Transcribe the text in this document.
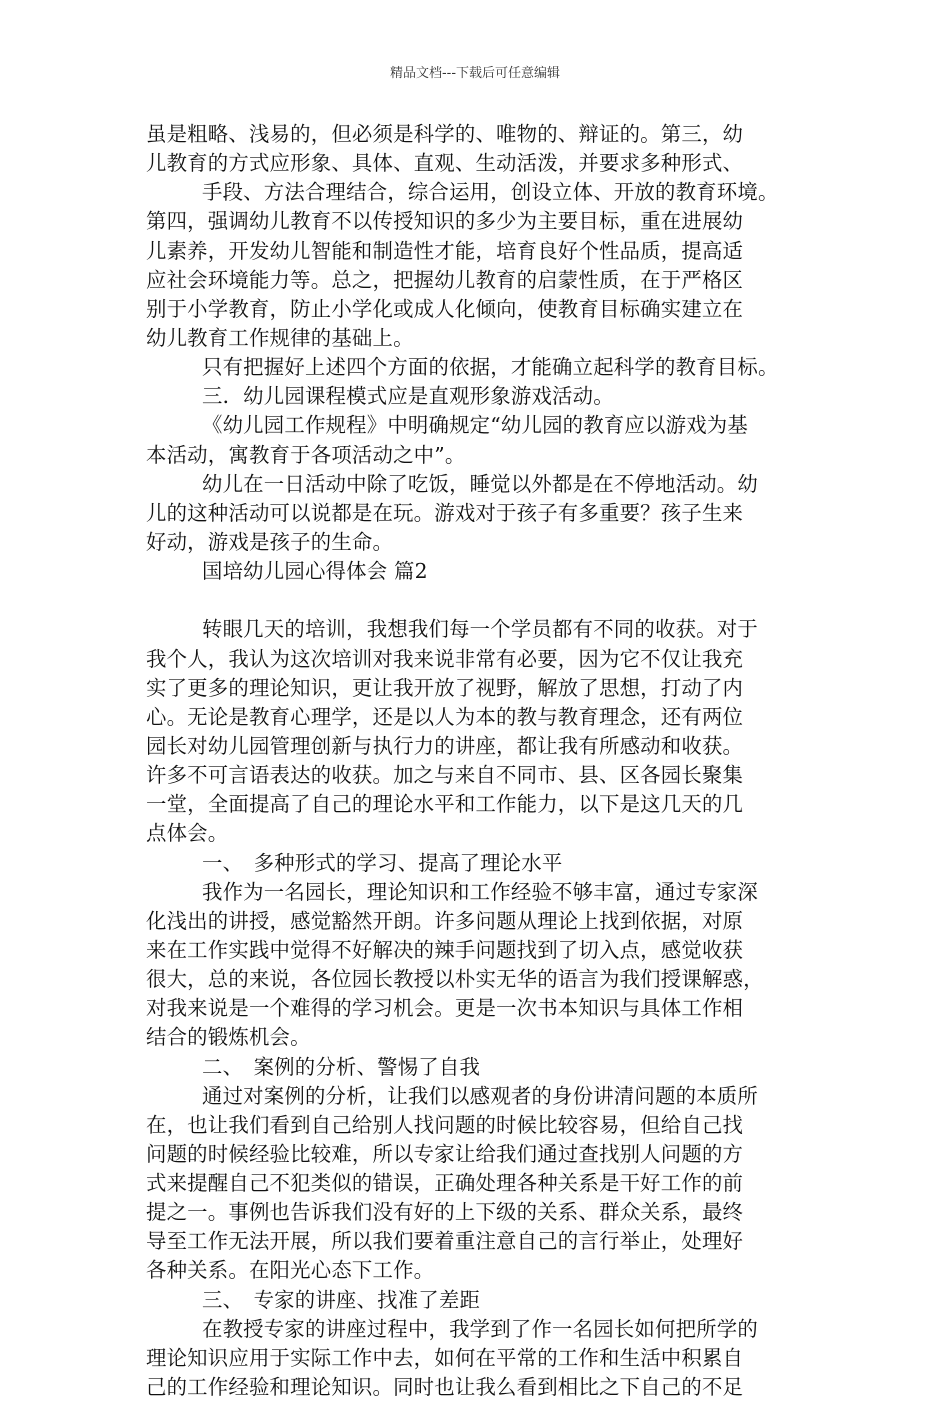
精品文档---下载后可任意编辑
虽是粗略、浅易的，但必须是科学的、唯物的、辩证的。第三，幼
儿教育的方式应形象、具体、直观、生动活泼，并要求多种形式、
手段、方法合理结合，综合运用，创设立体、开放的教育环境。
第四，强调幼儿教育不以传授知识的多少为主要目标，重在进展幼
儿素养，开发幼儿智能和制造性才能，培育良好个性品质，提高适
应社会环境能力等。总之，把握幼儿教育的启蒙性质，在于严格区
别于小学教育，防止小学化或成人化倾向，使教育目标确实建立在
幼儿教育工作规律的基础上。
只有把握好上述四个方面的依据，才能确立起科学的教育目标。
三．幼儿园课程模式应是直观形象游戏活动。
《幼儿园工作规程》中明确规定“幼儿园的教育应以游戏为基
本活动，寓教育于各项活动之中”。
幼儿在一日活动中除了吃饭，睡觉以外都是在不停地活动。幼
儿的这种活动可以说都是在玩。游戏对于孩子有多重要？孩子生来
好动，游戏是孩子的生命。
国培幼儿园心得体会 篇2
转眼几天的培训，我想我们每一个学员都有不同的收获。对于
我个人，我认为这次培训对我来说非常有必要，因为它不仅让我充
实了更多的理论知识，更让我开放了视野，解放了思想，打动了内
心。无论是教育心理学，还是以人为本的教与教育理念，还有两位
园长对幼儿园管理创新与执行力的讲座，都让我有所感动和收获。
许多不可言语表达的收获。加之与来自不同市、县、区各园长聚集
一堂，全面提高了自己的理论水平和工作能力，以下是这几天的几
点体会。
一、　多种形式的学习、提高了理论水平
我作为一名园长，理论知识和工作经验不够丰富，通过专家深
化浅出的讲授，感觉豁然开朗。许多问题从理论上找到依据，对原
来在工作实践中觉得不好解决的辣手问题找到了切入点，感觉收获
很大，总的来说，各位园长教授以朴实无华的语言为我们授课解惑，
对我来说是一个难得的学习机会。更是一次书本知识与具体工作相
结合的锻炼机会。
二、　案例的分析、警惕了自我
通过对案例的分析，让我们以感观者的身份讲清问题的本质所
在，也让我们看到自己给别人找问题的时候比较容易，但给自己找
问题的时候经验比较难，所以专家让给我们通过查找别人问题的方
式来提醒自己不犯类似的错误，正确处理各种关系是干好工作的前
提之一。事例也告诉我们没有好的上下级的关系、群众关系，最终
导至工作无法开展，所以我们要着重注意自己的言行举止，处理好
各种关系。在阳光心态下工作。
三、　专家的讲座、找准了差距
在教授专家的讲座过程中，我学到了作一名园长如何把所学的
理论知识应用于实际工作中去，如何在平常的工作和生活中积累自
己的工作经验和理论知识。同时也让我么看到相比之下自己的不足
